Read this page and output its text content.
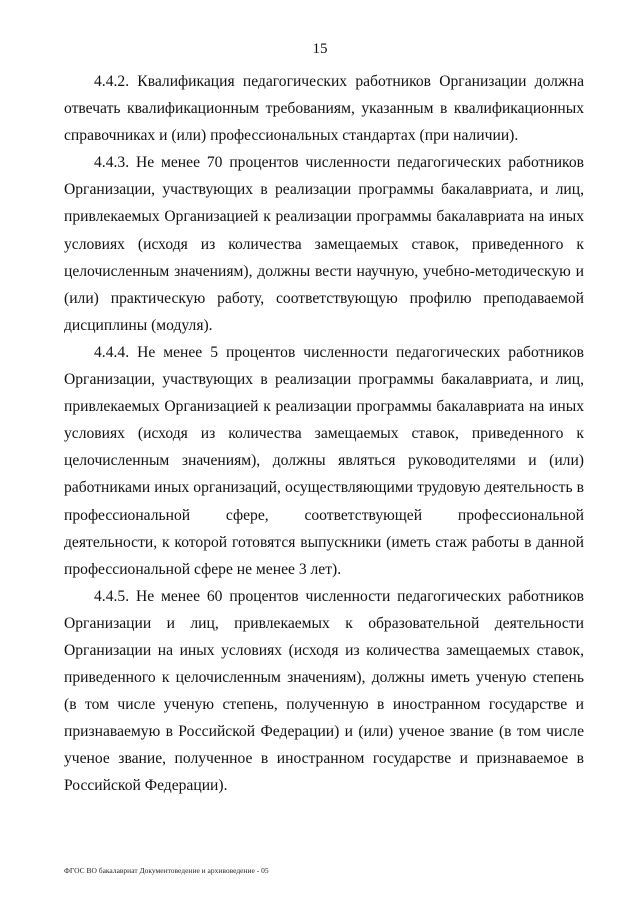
15

4.4.2. Квалификация педагогических работников Организации должна отвечать квалификационным требованиям, указанным в квалификационных справочниках и (или) профессиональных стандартах (при наличии).

4.4.3. Не менее 70 процентов численности педагогических работников Организации, участвующих в реализации программы бакалавриата, и лиц, привлекаемых Организацией к реализации программы бакалавриата на иных условиях (исходя из количества замещаемых ставок, приведенного к целочисленным значениям), должны вести научную, учебно-методическую и (или) практическую работу, соответствующую профилю преподаваемой дисциплины (модуля).

4.4.4. Не менее 5 процентов численности педагогических работников Организации, участвующих в реализации программы бакалавриата, и лиц, привлекаемых Организацией к реализации программы бакалавриата на иных условиях (исходя из количества замещаемых ставок, приведенного к целочисленным значениям), должны являться руководителями и (или) работниками иных организаций, осуществляющими трудовую деятельность в профессиональной сфере, соответствующей профессиональной деятельности, к которой готовятся выпускники (иметь стаж работы в данной профессиональной сфере не менее 3 лет).

4.4.5. Не менее 60 процентов численности педагогических работников Организации и лиц, привлекаемых к образовательной деятельности Организации на иных условиях (исходя из количества замещаемых ставок, приведенного к целочисленным значениям), должны иметь ученую степень (в том числе ученую степень, полученную в иностранном государстве и признаваемую в Российской Федерации) и (или) ученое звание (в том числе ученое звание, полученное в иностранном государстве и признаваемое в Российской Федерации).

ФГОС ВО бакалавриат Документоведение и архивоведение - 05
